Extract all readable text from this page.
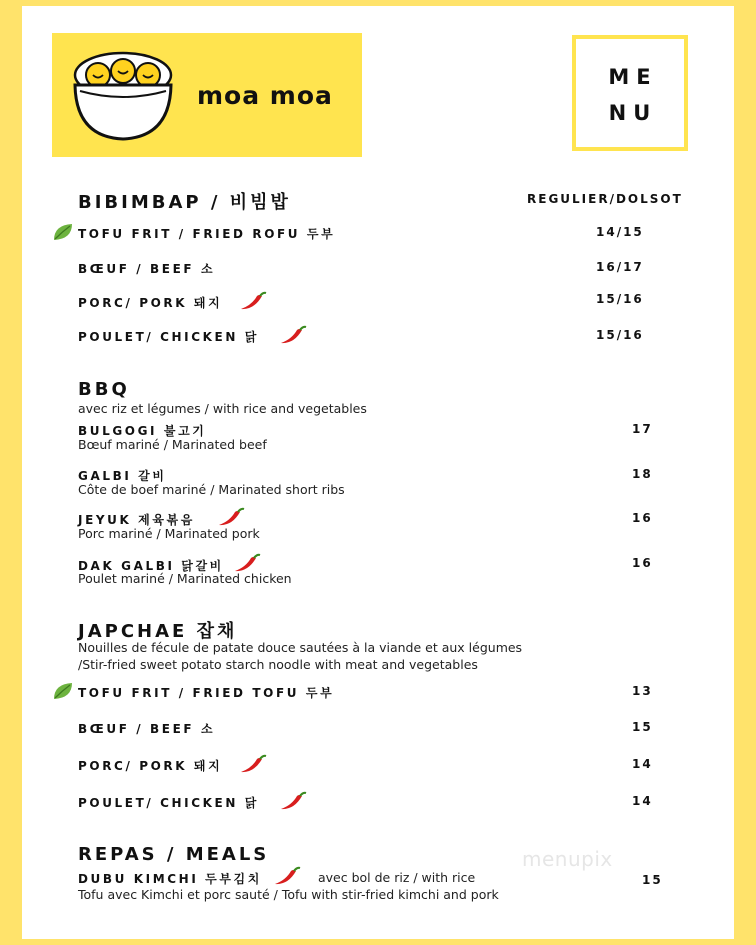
moa moa
ME
NU
BIBIMBAP / 비빔밥	REGULIER/DOLSOT
TOFU FRIT / FRIED ROFU 두부	14/15
BŒUF / BEEF 소	16/17
PORC/ PORK 돼지	15/16
POULET/ CHICKEN 닭	15/16
BBQ
avec riz et légumes / with rice and vegetables
BULGOGI 불고기
Bœuf mariné / Marinated beef
17
GALBI 갈비
Côte de boef mariné / Marinated short ribs
18
JEYUK 제육볶음
Porc mariné / Marinated pork
16
DAK GALBI 닭갈비
Poulet mariné / Marinated chicken
16
JAPCHAE 잡채
Nouilles de fécule de patate douce sautées à la viande et aux légumes
/Stir-fried sweet potato starch noodle with meat and vegetables
TOFU FRIT / FRIED TOFU 두부	13
BŒUF / BEEF 소	15
PORC/ PORK 돼지	14
POULET/ CHICKEN 닭	14
REPAS / MEALS
DUBU KIMCHI 두부김치	avec bol de riz / with rice
Tofu avec Kimchi et porc sauté / Tofu with stir-fried kimchi and pork
15
menupix
